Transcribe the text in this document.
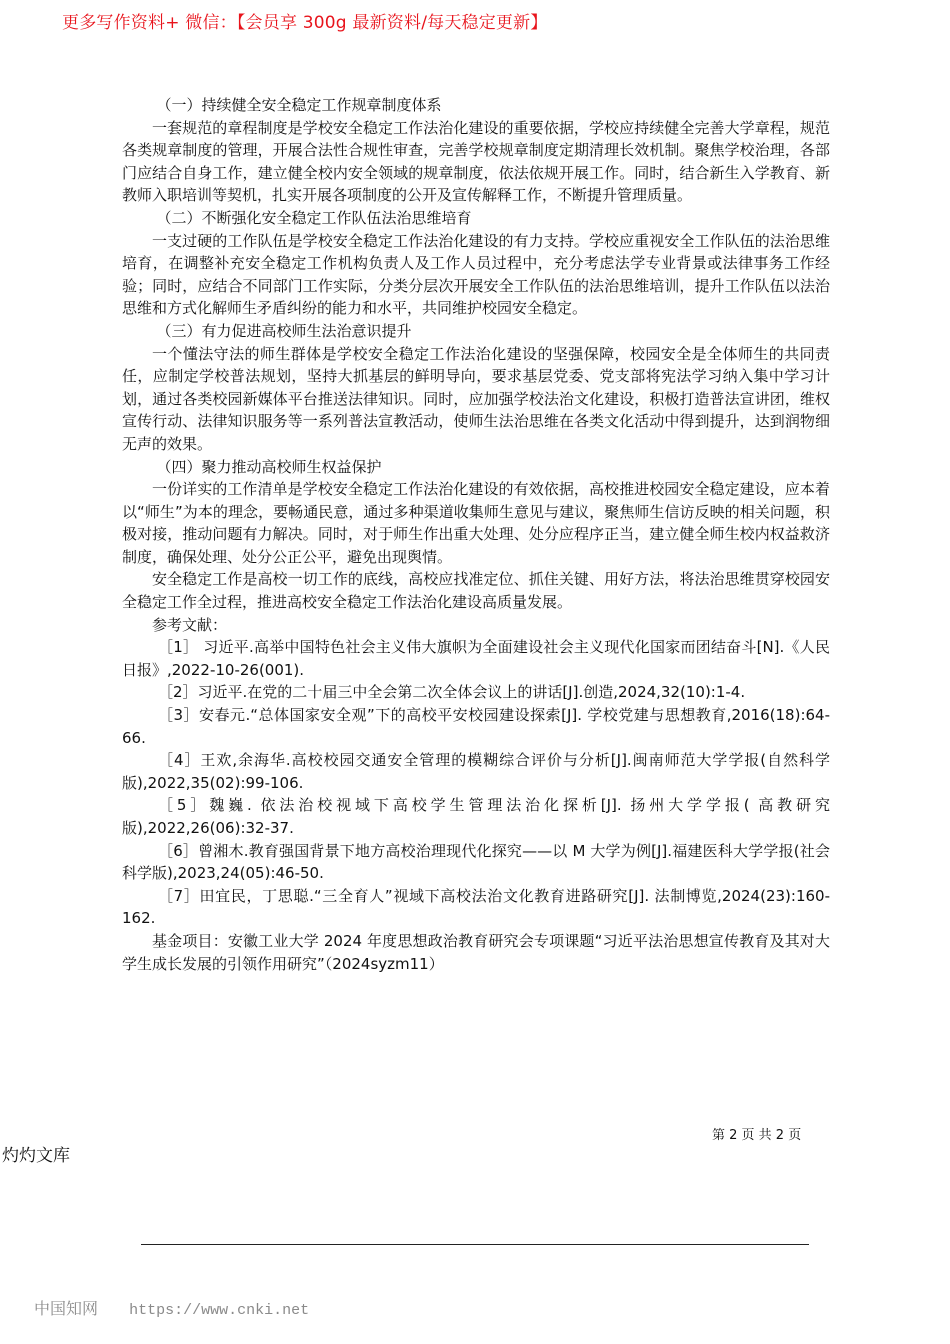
更多写作资料+ 微信：【会员享 300g 最新资料/每天稳定更新】

（一）持续健全安全稳定工作规章制度体系

一套规范的章程制度是学校安全稳定工作法治化建设的重要依据，学校应持续健全完善大学章程，规范各类规章制度的管理，开展合法性合规性审查，完善学校规章制度定期清理长效机制。聚焦学校治理，各部门应结合自身工作，建立健全校内安全领域的规章制度，依法依规开展工作。同时，结合新生入学教育、新教师入职培训等契机，扎实开展各项制度的公开及宣传解释工作，不断提升管理质量。

（二）不断强化安全稳定工作队伍法治思维培育

一支过硬的工作队伍是学校安全稳定工作法治化建设的有力支持。学校应重视安全工作队伍的法治思维培育，在调整补充安全稳定工作机构负责人及工作人员过程中，充分考虑法学专业背景或法律事务工作经验；同时，应结合不同部门工作实际，分类分层次开展安全工作队伍的法治思维培训，提升工作队伍以法治思维和方式化解师生矛盾纠纷的能力和水平，共同维护校园安全稳定。

（三）有力促进高校师生法治意识提升

一个懂法守法的师生群体是学校安全稳定工作法治化建设的坚强保障，校园安全是全体师生的共同责任，应制定学校普法规划，坚持大抓基层的鲜明导向，要求基层党委、党支部将宪法学习纳入集中学习计划，通过各类校园新媒体平台推送法律知识。同时，应加强学校法治文化建设，积极打造普法宣讲团，维权宣传行动、法律知识服务等一系列普法宣教活动，使师生法治思维在各类文化活动中得到提升，达到润物细无声的效果。

（四）聚力推动高校师生权益保护

一份详实的工作清单是学校安全稳定工作法治化建设的有效依据，高校推进校园安全稳定建设，应本着以“师生”为本的理念，要畅通民意，通过多种渠道收集师生意见与建议，聚焦师生信访反映的相关问题，积极对接，推动问题有力解决。同时，对于师生作出重大处理、处分应程序正当，建立健全师生校内权益救济制度，确保处理、处分公正公平，避免出现舆情。

安全稳定工作是高校一切工作的底线，高校应找准定位、抓住关键、用好方法，将法治思维贯穿校园安全稳定工作全过程，推进高校安全稳定工作法治化建设高质量发展。

参考文献：

［1］ 习近平.高举中国特色社会主义伟大旗帜为全面建设社会主义现代化国家而团结奋斗[N].《人民日报》,2022-10-26(001).

［2］习近平.在党的二十届三中全会第二次全体会议上的讲话[J].创造,2024,32(10):1-4.

［3］安春元.“总体国家安全观”下的高校平安校园建设探索[J]. 学校党建与思想教育,2016(18):64-66.

［4］王欢,余海华.高校校园交通安全管理的模糊综合评价与分析[J].闽南师范大学学报(自然科学版),2022,35(02):99-106.

［5］魏巍. 依法治校视域下高校学生管理法治化探析[J]. 扬州大学学报( 高教研究版),2022,26(06):32-37.

［6］曾湘木.教育强国背景下地方高校治理现代化探究——以 M 大学为例[J].福建医科大学学报(社会科学版),2023,24(05):46-50.

［7］田宜民，丁思聪.“三全育人”视域下高校法治文化教育进路研究[J]. 法制博览,2024(23):160-162.

基金项目：安徽工业大学 2024 年度思想政治教育研究会专项课题“习近平法治思想宣传教育及其对大学生成长发展的引领作用研究”（2024syzm11）

第 2 页 共 2 页
灼灼文库
中国知网 https://www.cnki.net
